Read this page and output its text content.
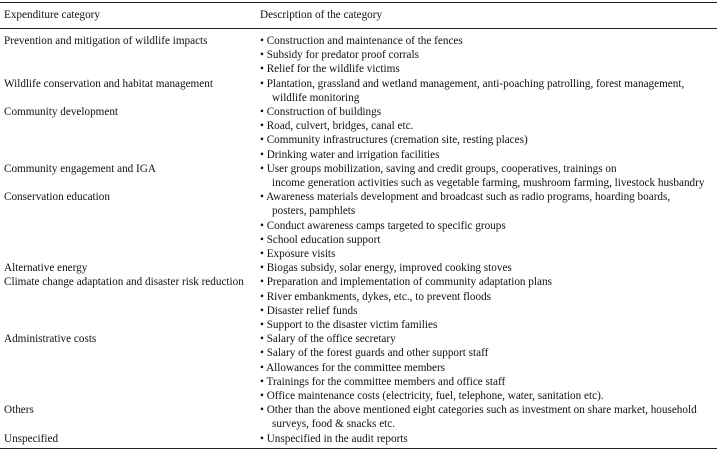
Expenditure category	Description of the category
Prevention and mitigation of wildlife impacts	• Construction and maintenance of the fences
• Subsidy for predator proof corrals
• Relief for the wildlife victims
Wildlife conservation and habitat management	• Plantation, grassland and wetland management, anti-poaching patrolling, forest management,
wildlife monitoring
Community development	• Construction of buildings
• Road, culvert, bridges, canal etc.
• Community infrastructures (cremation site, resting places)
• Drinking water and irrigation facilities
Community engagement and IGA	• User groups mobilization, saving and credit groups, cooperatives, trainings on
income generation activities such as vegetable farming, mushroom farming, livestock husbandry
Conservation education	• Awareness materials development and broadcast such as radio programs, hoarding boards,
posters, pamphlets
• Conduct awareness camps targeted to specific groups
• School education support
• Exposure visits
Alternative energy	• Biogas subsidy, solar energy, improved cooking stoves
Climate change adaptation and disaster risk reduction	• Preparation and implementation of community adaptation plans
• River embankments, dykes, etc., to prevent floods
• Disaster relief funds
• Support to the disaster victim families
Administrative costs	• Salary of the office secretary
• Salary of the forest guards and other support staff
• Allowances for the committee members
• Trainings for the committee members and office staff
• Office maintenance costs (electricity, fuel, telephone, water, sanitation etc).
Others	• Other than the above mentioned eight categories such as investment on share market, household
surveys, food & snacks etc.
Unspecified	• Unspecified in the audit reports
